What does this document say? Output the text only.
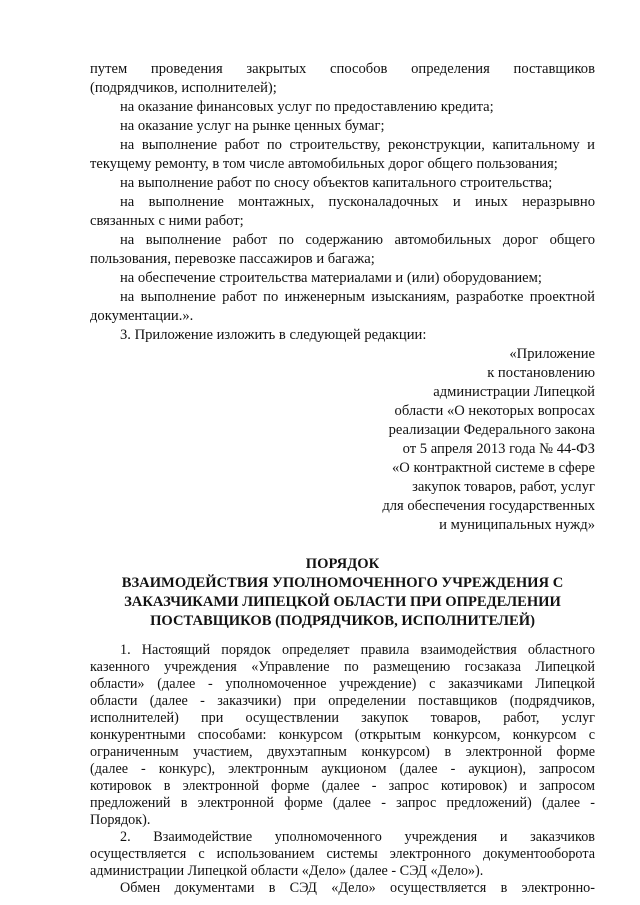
путем проведения закрытых способов определения поставщиков
(подрядчиков, исполнителей);
на оказание финансовых услуг по предоставлению кредита;
на оказание услуг на рынке ценных бумаг;
на выполнение работ по строительству, реконструкции, капитальному и
текущему ремонту, в том числе автомобильных дорог общего пользования;
на выполнение работ по сносу объектов капитального строительства;
на выполнение монтажных, пусконаладочных и иных неразрывно
связанных с ними работ;
на выполнение работ по содержанию автомобильных дорог общего
пользования, перевозке пассажиров и багажа;
на обеспечение строительства материалами и (или) оборудованием;
на выполнение работ по инженерным изысканиям, разработке проектной
документации.».
3. Приложение изложить в следующей редакции:
«Приложение
к постановлению
администрации Липецкой
области «О некоторых вопросах
реализации Федерального закона
от 5 апреля 2013 года № 44-ФЗ
«О контрактной системе в сфере
закупок товаров, работ, услуг
для обеспечения государственных
и муниципальных нужд»
ПОРЯДОК
ВЗАИМОДЕЙСТВИЯ УПОЛНОМОЧЕННОГО УЧРЕЖДЕНИЯ С
ЗАКАЗЧИКАМИ ЛИПЕЦКОЙ ОБЛАСТИ ПРИ ОПРЕДЕЛЕНИИ
ПОСТАВЩИКОВ (ПОДРЯДЧИКОВ, ИСПОЛНИТЕЛЕЙ)
1. Настоящий порядок определяет правила взаимодействия областного
казенного учреждения «Управление по размещению госзаказа Липецкой
области» (далее - уполномоченное учреждение) с заказчиками Липецкой
области (далее - заказчики) при определении поставщиков (подрядчиков,
исполнителей) при осуществлении закупок товаров, работ, услуг
конкурентными способами: конкурсом (открытым конкурсом, конкурсом с
ограниченным участием, двухэтапным конкурсом) в электронной форме
(далее - конкурс), электронным аукционом (далее - аукцион), запросом
котировок в электронной форме (далее - запрос котировок) и запросом
предложений в электронной форме (далее - запрос предложений) (далее -
Порядок).
2. Взаимодействие уполномоченного учреждения и заказчиков
осуществляется с использованием системы электронного документооборота
администрации Липецкой области «Дело» (далее - СЭД «Дело»).
Обмен документами в СЭД «Дело» осуществляется в электронно-
